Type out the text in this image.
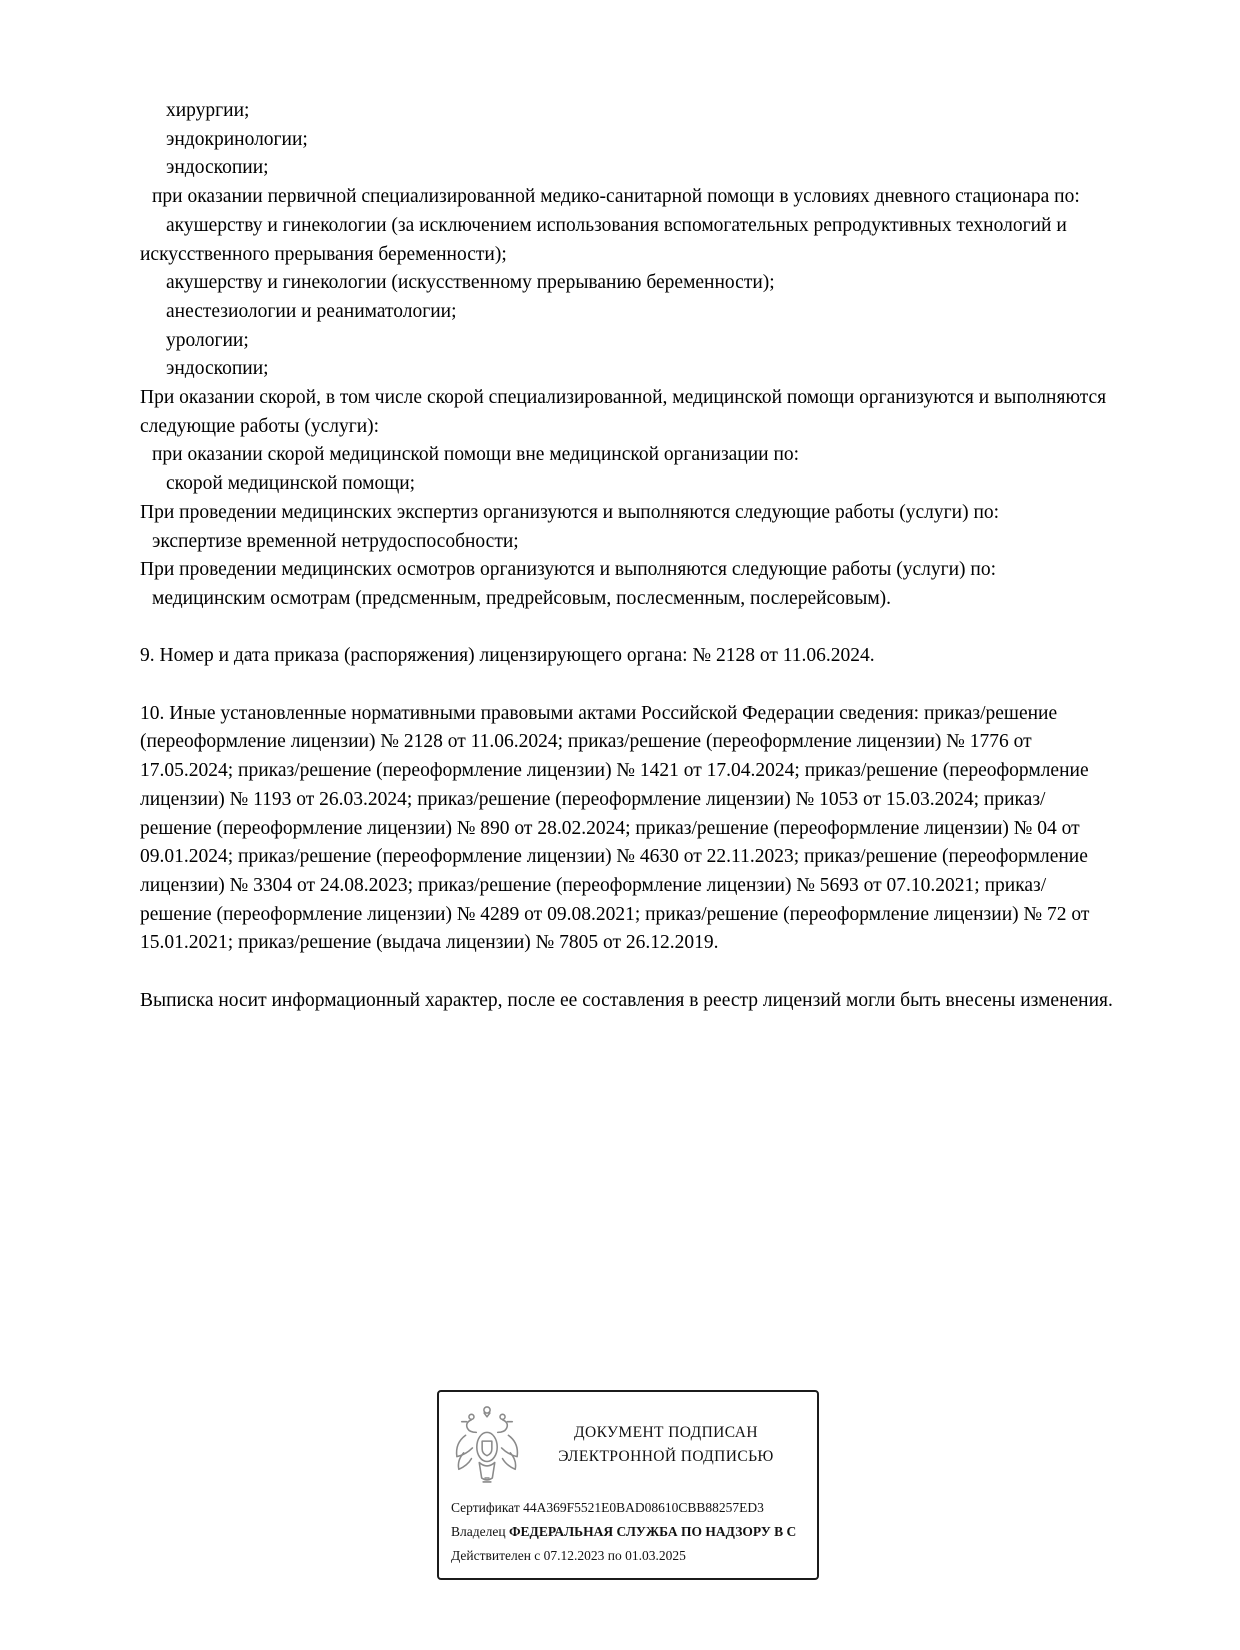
хирургии;

эндокринологии;

эндоскопии;

при оказании первичной специализированной медико-санитарной помощи в условиях дневного стационара по:

акушерству и гинекологии (за исключением использования вспомогательных репродуктивных технологий и искусственного прерывания беременности);

акушерству и гинекологии (искусственному прерыванию беременности);

анестезиологии и реаниматологии;

урологии;

эндоскопии;

При оказании скорой, в том числе скорой специализированной, медицинской помощи организуются и выполняются следующие работы (услуги):

при оказании скорой медицинской помощи вне медицинской организации по:

скорой медицинской помощи;

При проведении медицинских экспертиз организуются и выполняются следующие работы (услуги) по:

экспертизе временной нетрудоспособности;

При проведении медицинских осмотров организуются и выполняются следующие работы (услуги) по:

медицинским осмотрам (предсменным, предрейсовым, послесменным, послерейсовым).

9. Номер и дата приказа (распоряжения) лицензирующего органа: № 2128 от 11.06.2024.

10. Иные установленные нормативными правовыми актами Российской Федерации сведения: приказ/решение (переоформление лицензии) № 2128 от 11.06.2024; приказ/решение (переоформление лицензии) № 1776 от 17.05.2024; приказ/решение (переоформление лицензии) № 1421 от 17.04.2024; приказ/решение (переоформление лицензии) № 1193 от 26.03.2024; приказ/решение (переоформление лицензии) № 1053 от 15.03.2024; приказ/решение (переоформление лицензии) № 890 от 28.02.2024; приказ/решение (переоформление лицензии) № 04 от 09.01.2024; приказ/решение (переоформление лицензии) № 4630 от 22.11.2023; приказ/решение (переоформление лицензии) № 3304 от 24.08.2023; приказ/решение (переоформление лицензии) № 5693 от 07.10.2021; приказ/решение (переоформление лицензии) № 4289 от 09.08.2021; приказ/решение (переоформление лицензии) № 72 от 15.01.2021; приказ/решение (выдача лицензии) № 7805 от 26.12.2019.

Выписка носит информационный характер, после ее составления в реестр лицензий могли быть внесены изменения.

ДОКУМЕНТ ПОДПИСАН
ЭЛЕКТРОННОЙ ПОДПИСЬЮ
Сертификат 44A369F5521E0BAD08610CBB88257ED3
Владелец ФЕДЕРАЛЬНАЯ СЛУЖБА ПО НАДЗОРУ В С
Действителен с 07.12.2023 по 01.03.2025
